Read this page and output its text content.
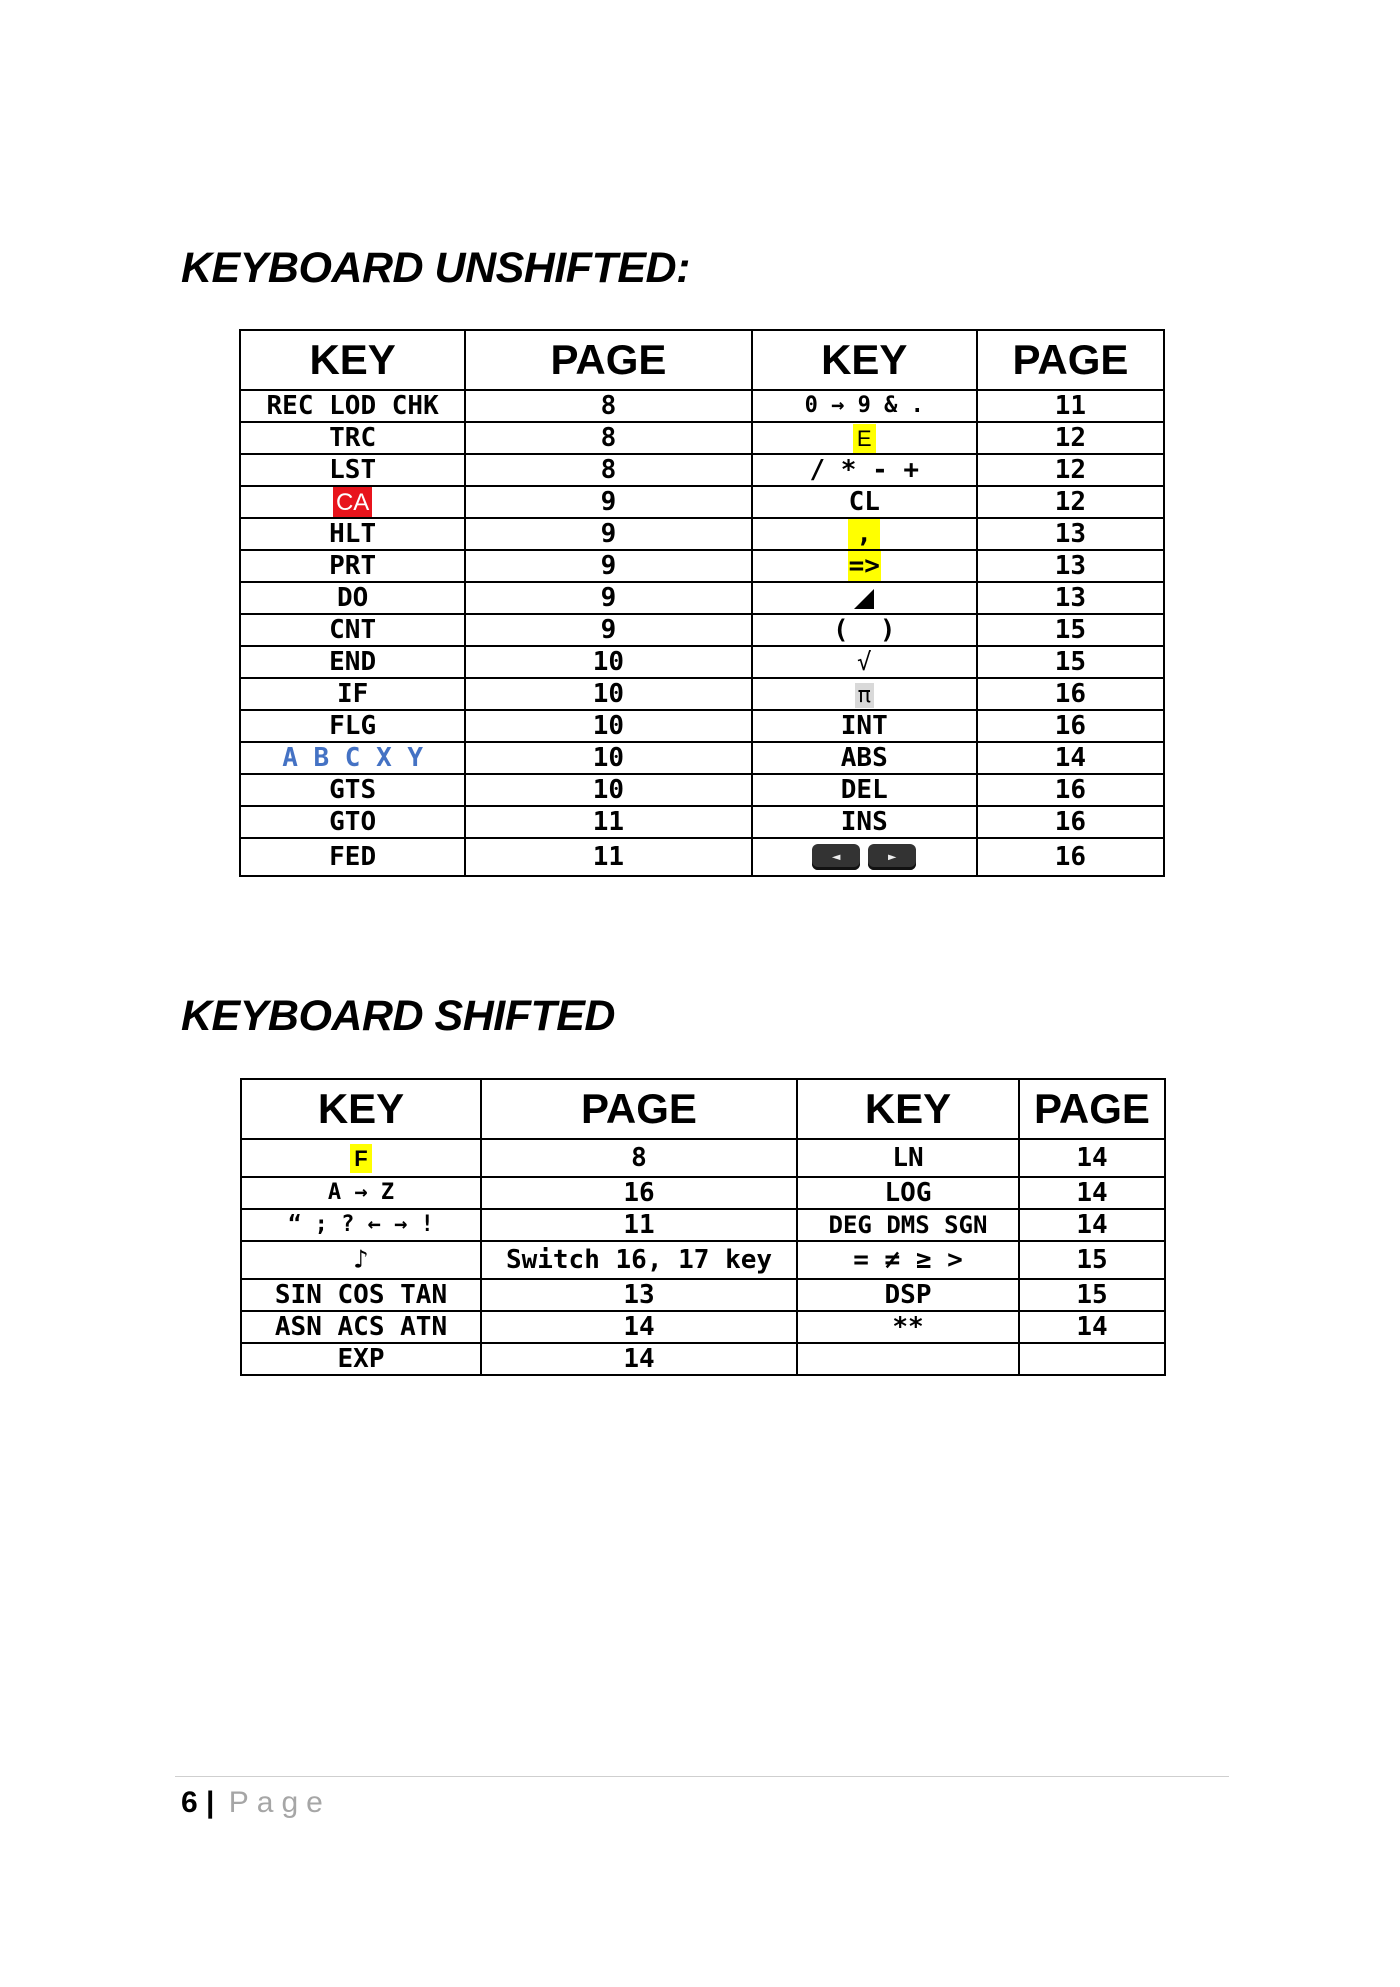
KEYBOARD UNSHIFTED:
KEY	PAGE	KEY	PAGE
REC LOD CHK	8	0 → 9 & .	11
TRC	8	E	12
LST	8	/ * - +	12
CA	9	CL	12
HLT	9	,	13
PRT	9	=>	13
DO	9		13
CNT	9	(  )	15
END	10	√	15
IF	10	π	16
FLG	10	INT	16
A B C X Y	10	ABS	14
GTS	10	DEL	16
GTO	11	INS	16
FED	11	◄ ►	16
KEYBOARD SHIFTED
KEY	PAGE	KEY	PAGE
F	8	LN	14
A → Z	16	LOG	14
“ ; ? ← → !	11	DEG DMS SGN	14
♪	Switch 16, 17 key	= ≠ ≥ >	15
SIN COS TAN	13	DSP	15
ASN ACS ATN	14	**	14
EXP	14		
6 | Page
